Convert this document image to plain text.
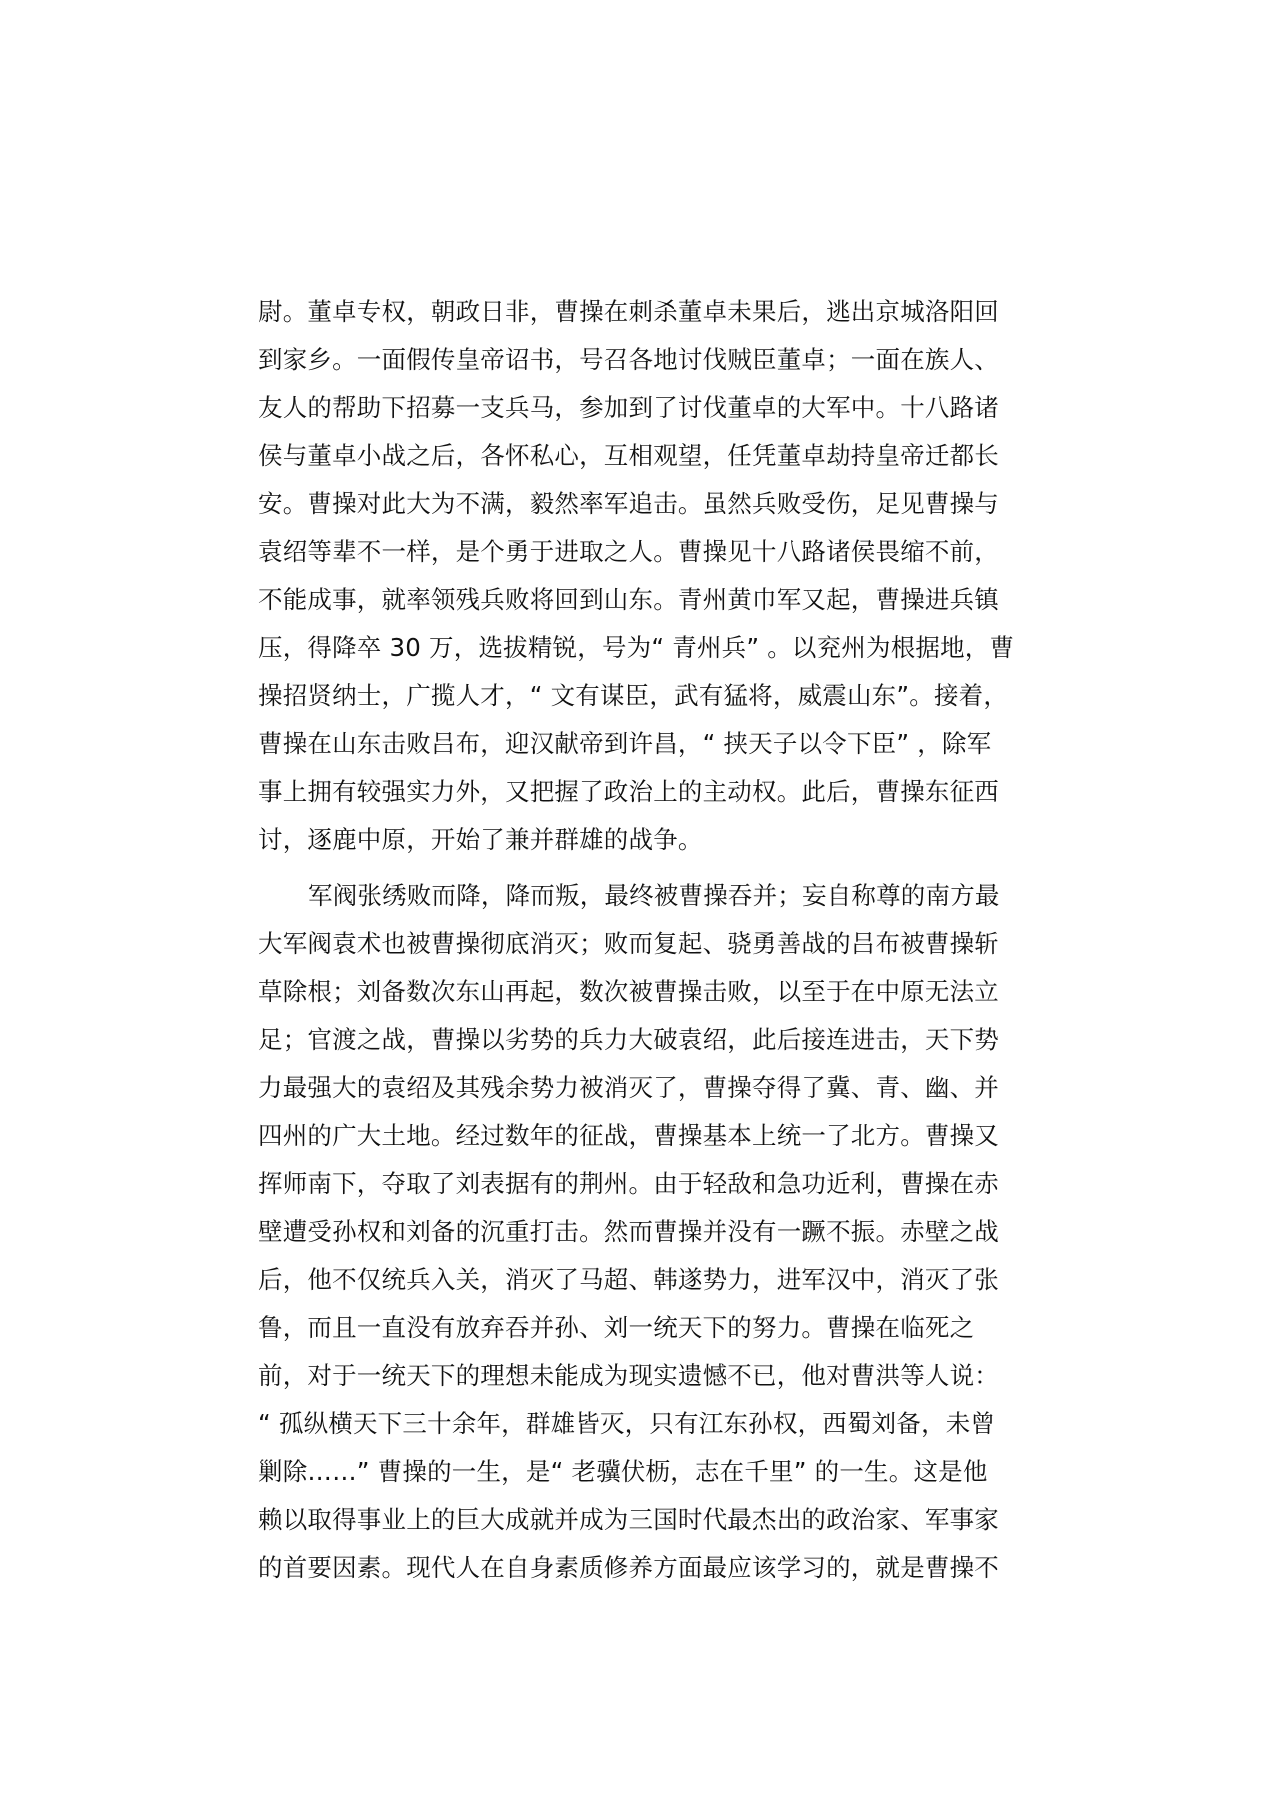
尉。董卓专权，朝政日非，曹操在刺杀董卓未果后，逃出京城洛阳回
到家乡。一面假传皇帝诏书，号召各地讨伐贼臣董卓；一面在族人、
友人的帮助下招募一支兵马，参加到了讨伐董卓的大军中。十八路诸
侯与董卓小战之后，各怀私心，互相观望，任凭董卓劫持皇帝迁都长
安。曹操对此大为不满，毅然率军追击。虽然兵败受伤，足见曹操与
袁绍等辈不一样，是个勇于进取之人。曹操见十八路诸侯畏缩不前，
不能成事，就率领残兵败将回到山东。青州黄巾军又起，曹操进兵镇
压，得降卒 30 万，选拔精锐，号为“ 青州兵” 。以兖州为根据地，曹
操招贤纳士，广揽人才，“ 文有谋臣，武有猛将，威震山东”。接着，
曹操在山东击败吕布，迎汉献帝到许昌，“ 挟天子以令下臣” ，除军
事上拥有较强实力外，又把握了政治上的主动权。此后，曹操东征西
讨，逐鹿中原，开始了兼并群雄的战争。
军阀张绣败而降，降而叛，最终被曹操吞并；妄自称尊的南方最
大军阀袁术也被曹操彻底消灭；败而复起、骁勇善战的吕布被曹操斩
草除根；刘备数次东山再起，数次被曹操击败，以至于在中原无法立
足；官渡之战，曹操以劣势的兵力大破袁绍，此后接连进击，天下势
力最强大的袁绍及其残余势力被消灭了，曹操夺得了冀、青、幽、并
四州的广大土地。经过数年的征战，曹操基本上统一了北方。曹操又
挥师南下，夺取了刘表据有的荆州。由于轻敌和急功近利，曹操在赤
壁遭受孙权和刘备的沉重打击。然而曹操并没有一蹶不振。赤壁之战
后，他不仅统兵入关，消灭了马超、韩遂势力，进军汉中，消灭了张
鲁，而且一直没有放弃吞并孙、刘一统天下的努力。曹操在临死之
前，对于一统天下的理想未能成为现实遗憾不已，他对曹洪等人说：
“ 孤纵横天下三十余年，群雄皆灭，只有江东孙权，西蜀刘备，未曾
剿除……” 曹操的一生，是“ 老骥伏枥，志在千里” 的一生。这是他
赖以取得事业上的巨大成就并成为三国时代最杰出的政治家、军事家
的首要因素。现代人在自身素质修养方面最应该学习的，就是曹操不
